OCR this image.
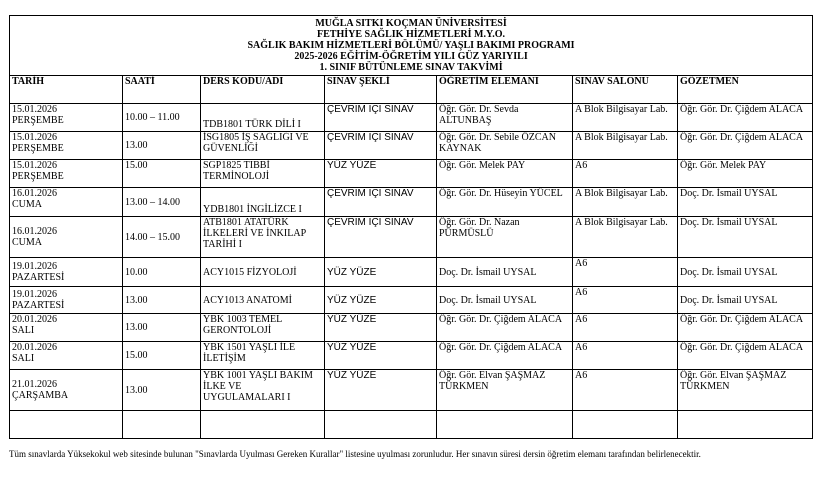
MUĞLA SITKI KOÇMAN ÜNİVERSİTESİ
FETHİYE SAĞLIK HİZMETLERİ M.Y.O.
SAĞLIK BAKIM HİZMETLERİ BÖLÜMÜ/ YAŞLI BAKIMI PROGRAMI
2025-2026 EĞİTİM-ÖĞRETİM YILI GÜZ YARIYILI
1. SINIF BÜTÜNLEME SINAV TAKVİMİ						

TARİH	SAATİ	DERS KODU/ADI	SINAV ŞEKLİ	ÖĞRETİM ELEMANI	SINAV SALONU	GÖZETMEN

15.01.2026
PERŞEMBE	10.00 – 11.00	TDB1801 TÜRK DİLİ I	ÇEVRİM İÇİ SINAV	Öğr. Gör. Dr. Sevda ALTUNBAŞ	A Blok Bilgisayar Lab.	Öğr. Gör. Dr. Çiğdem ALACA

15.01.2026
PERŞEMBE	13.00	İSG1805 İŞ SAĞLIĞI VE GÜVENLİĞİ	ÇEVRİM İÇİ SINAV	Öğr. Gör. Dr. Sebile ÖZCAN KAYNAK	A Blok Bilgisayar Lab.	Öğr. Gör. Dr. Çiğdem ALACA

15.01.2026
PERŞEMBE	15.00	SGP1825 TIBBİ TERMİNOLOJİ	YÜZ YÜZE	Öğr. Gör. Melek PAY	A6	Öğr. Gör. Melek PAY

16.01.2026
CUMA	13.00 – 14.00	YDB1801 İNGİLİZCE I	ÇEVRİM İÇİ SINAV	Öğr. Gör. Dr. Hüseyin YÜCEL	A Blok Bilgisayar Lab.	Doç. Dr. İsmail UYSAL

16.01.2026
CUMA	14.00 – 15.00	ATB1801 ATATÜRK İLKELERİ VE İNKILAP TARİHİ I	ÇEVRİM İÇİ SINAV	Öğr. Gör. Dr. Nazan PÜRMÜSLÜ	A Blok Bilgisayar Lab.	Doç. Dr. İsmail UYSAL

19.01.2026
PAZARTESİ	10.00	ACY1015 FİZYOLOJİ	YÜZ YÜZE	Doç. Dr. İsmail UYSAL	A6	Doç. Dr. İsmail UYSAL

19.01.2026
PAZARTESİ	13.00	ACY1013 ANATOMİ	YÜZ YÜZE	Doç. Dr. İsmail UYSAL	A6	Doç. Dr. İsmail UYSAL

20.01.2026
SALI	13.00	YBK 1003 TEMEL GERONTOLOJİ	YÜZ YÜZE	Öğr. Gör. Dr. Çiğdem ALACA	A6	Öğr. Gör. Dr. Çiğdem ALACA

20.01.2026
SALI	15.00	YBK 1501 YAŞLI İLE İLETİŞİM	YÜZ YÜZE	Öğr. Gör. Dr. Çiğdem ALACA	A6	Öğr. Gör. Dr. Çiğdem ALACA

21.01.2026
ÇARŞAMBA	13.00	YBK 1001 YAŞLI BAKIM İLKE VE UYGULAMALARI I	YÜZ YÜZE	Öğr. Gör. Elvan ŞAŞMAZ TÜRKMEN	A6	Öğr. Gör. Elvan ŞAŞMAZ TÜRKMEN

Tüm sınavlarda Yüksekokul web sitesinde bulunan "Sınavlarda Uyulması Gereken Kurallar" listesine uyulması zorunludur. Her sınavın süresi dersin öğretim elemanı tarafından belirlenecektir.
